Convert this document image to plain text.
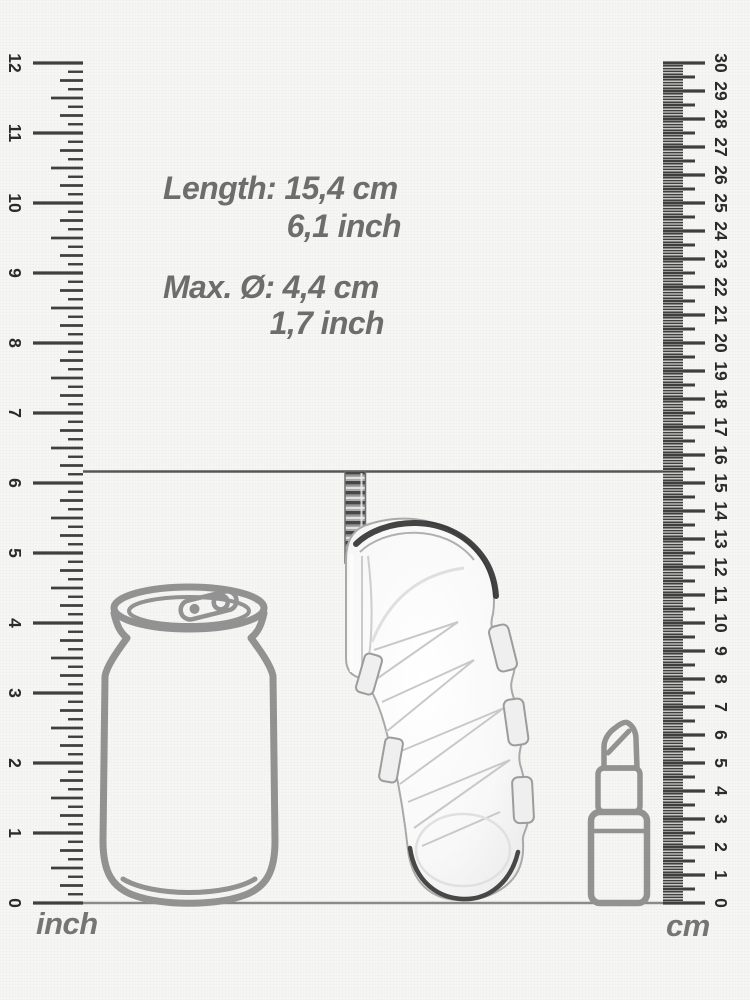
0
1
2
3
4
5
6
7
8
9
10
11
12
0
1
2
3
4
5
6
7
8
9
10
11
12
13
14
15
16
17
18
19
20
21
22
23
24
25
26
27
28
29
30
Length: 15,4 cm
6,1 inch
Max. Ø: 4,4 cm
1,7 inch
inch	cm
